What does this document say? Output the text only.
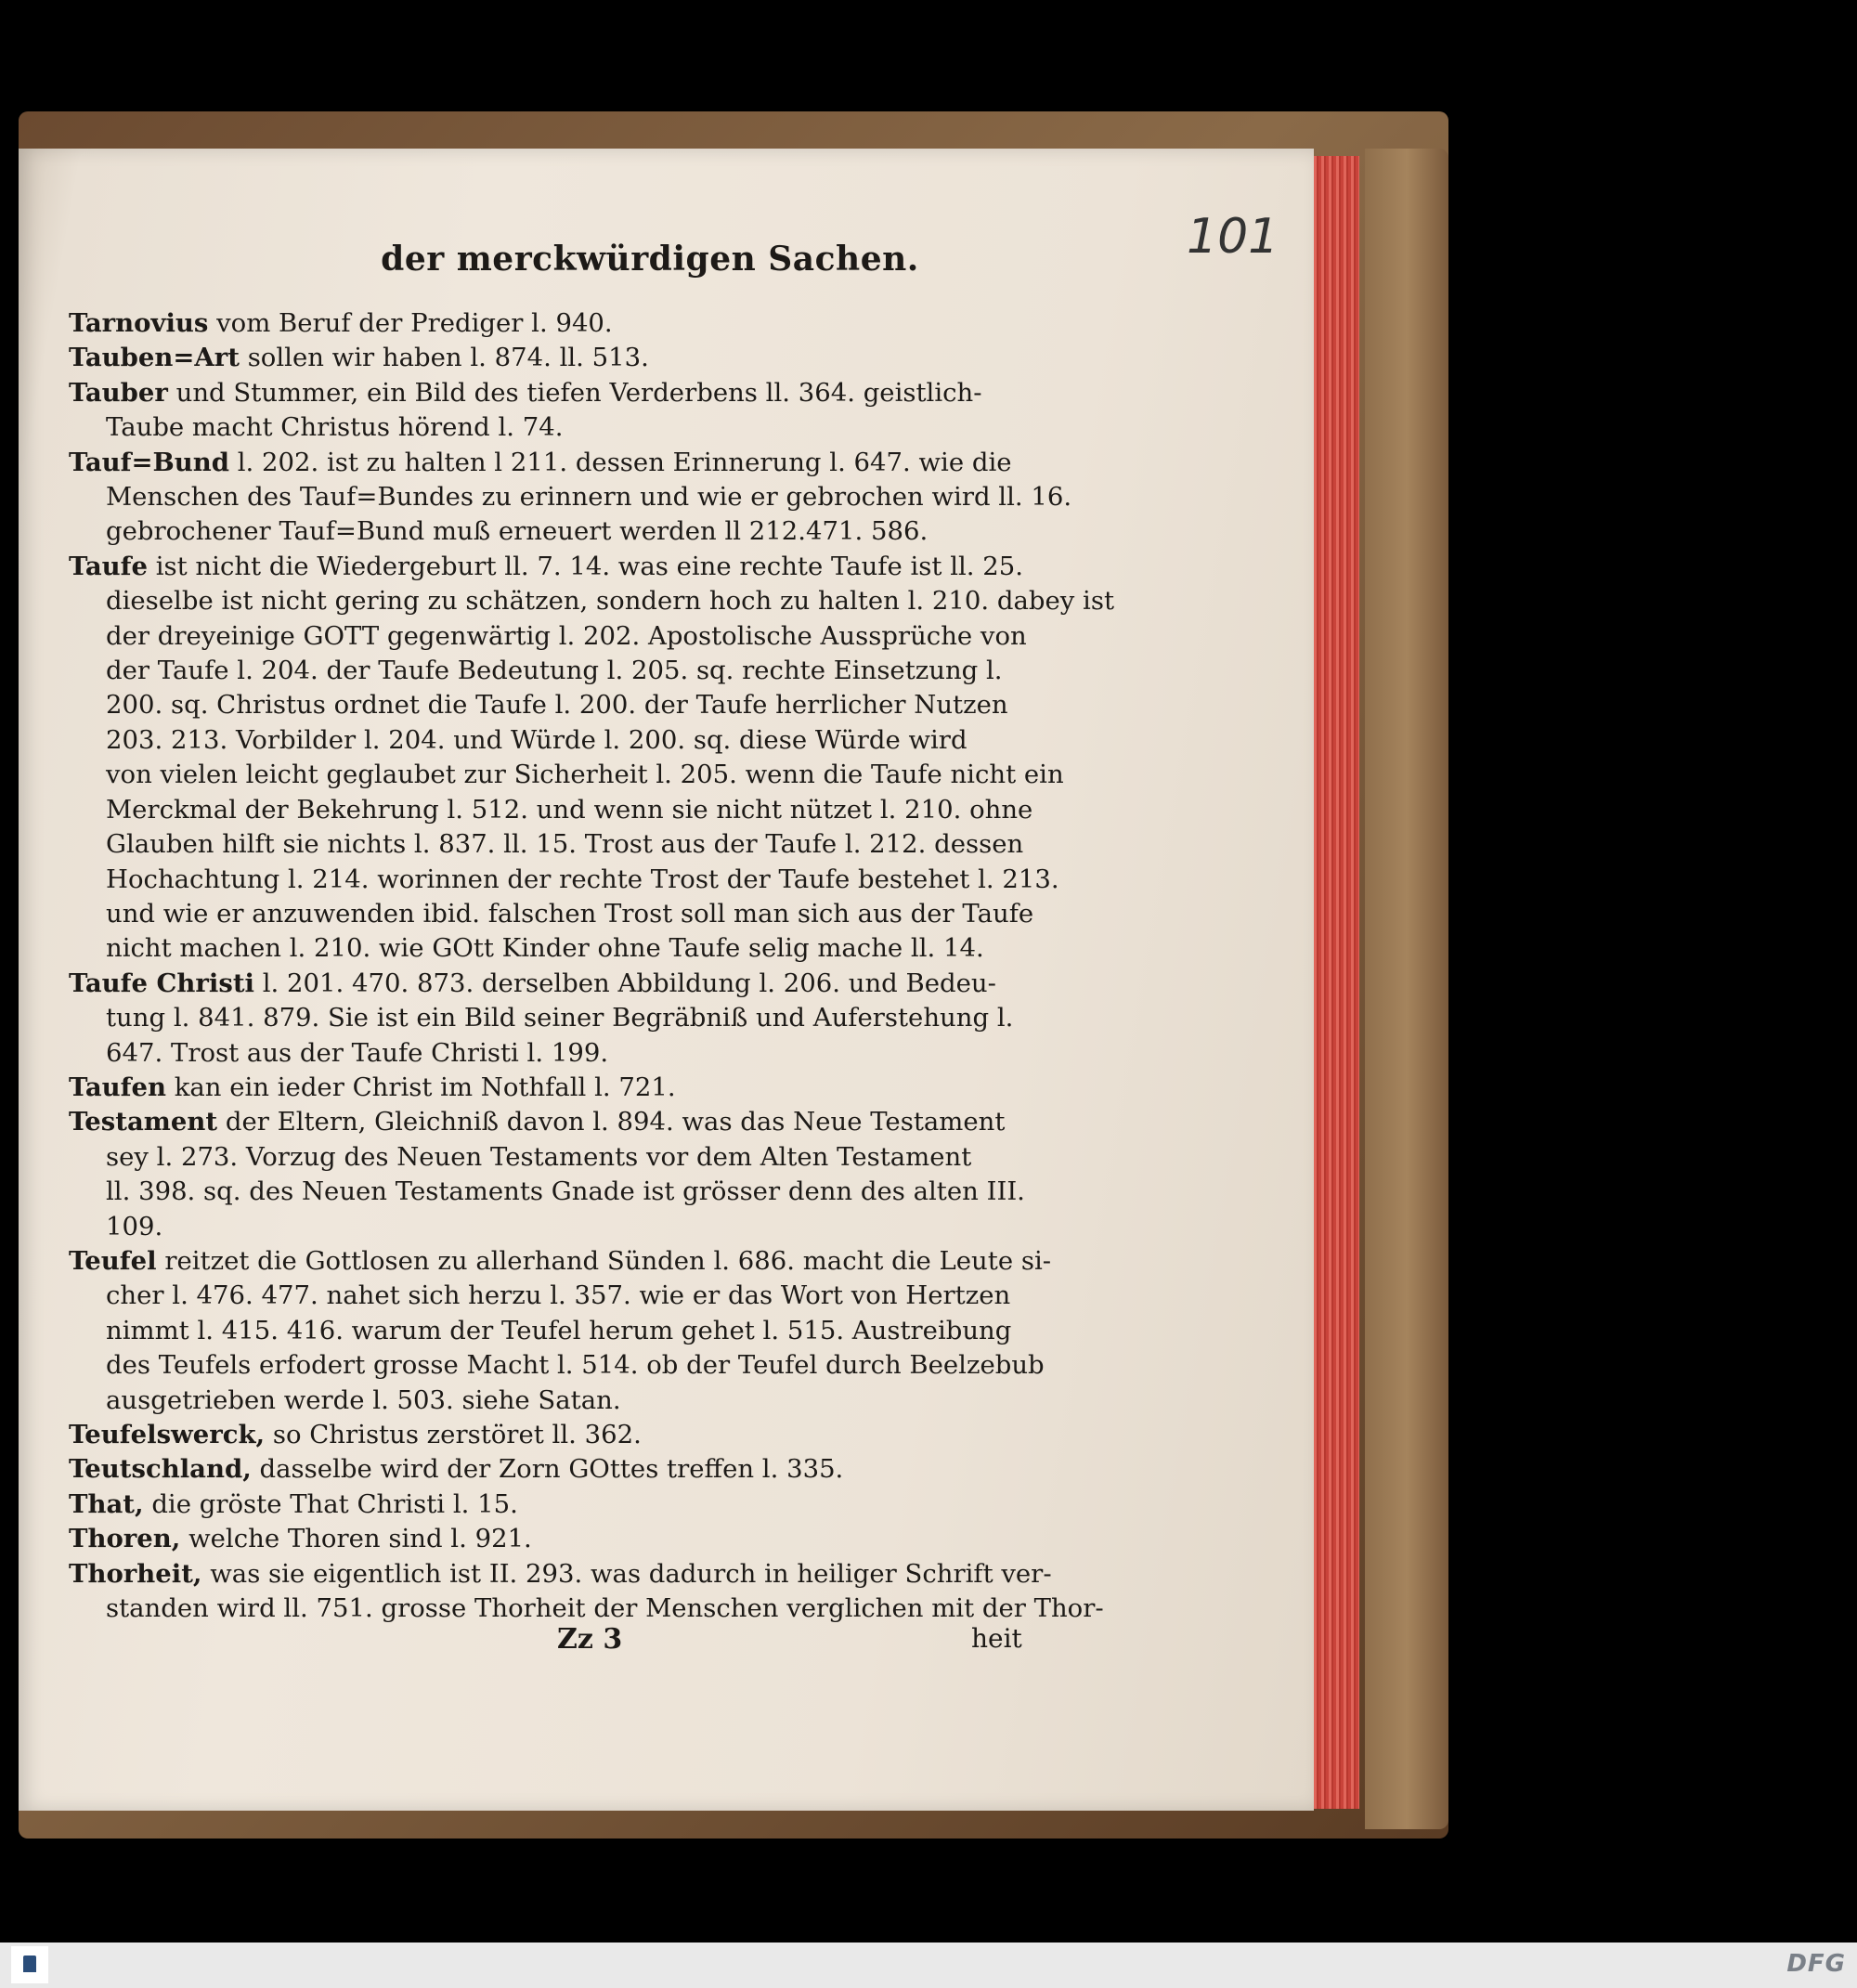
101
der merckwürdigen Sachen.

Tarnovius vom Beruf der Prediger l. 940.

Tauben=Art sollen wir haben l. 874. ll. 513.

Tauber und Stummer, ein Bild des tiefen Verderbens ll. 364. geistlich-
Taube macht Christus hörend l. 74.

Tauf=Bund l. 202. ist zu halten l 211. dessen Erinnerung l. 647. wie die
Menschen des Tauf=Bundes zu erinnern und wie er gebrochen wird ll. 16.
gebrochener Tauf=Bund muß erneuert werden ll 212.471. 586.

Taufe ist nicht die Wiedergeburt ll. 7. 14. was eine rechte Taufe ist ll. 25.
dieselbe ist nicht gering zu schätzen, sondern hoch zu halten l. 210. dabey ist
der dreyeinige GOTT gegenwärtig l. 202. Apostolische Aussprüche von
der Taufe l. 204. der Taufe Bedeutung l. 205. sq. rechte Einsetzung l.
200. sq. Christus ordnet die Taufe l. 200. der Taufe herrlicher Nutzen
203. 213. Vorbilder l. 204. und Würde l. 200. sq. diese Würde wird
von vielen leicht geglaubet zur Sicherheit l. 205. wenn die Taufe nicht ein
Merckmal der Bekehrung l. 512. und wenn sie nicht nützet l. 210. ohne
Glauben hilft sie nichts l. 837. ll. 15. Trost aus der Taufe l. 212. dessen
Hochachtung l. 214. worinnen der rechte Trost der Taufe bestehet l. 213.
und wie er anzuwenden ibid. falschen Trost soll man sich aus der Taufe
nicht machen l. 210. wie GOtt Kinder ohne Taufe selig mache ll. 14.

Taufe Christi l. 201. 470. 873. derselben Abbildung l. 206. und Bedeu-
tung l. 841. 879. Sie ist ein Bild seiner Begräbniß und Auferstehung l.
647. Trost aus der Taufe Christi l. 199.

Taufen kan ein ieder Christ im Nothfall l. 721.

Testament der Eltern, Gleichniß davon l. 894. was das Neue Testament
sey l. 273. Vorzug des Neuen Testaments vor dem Alten Testament
ll. 398. sq. des Neuen Testaments Gnade ist grösser denn des alten III.
109.

Teufel reitzet die Gottlosen zu allerhand Sünden l. 686. macht die Leute si-
cher l. 476. 477. nahet sich herzu l. 357. wie er das Wort von Hertzen
nimmt l. 415. 416. warum der Teufel herum gehet l. 515. Austreibung
des Teufels erfodert grosse Macht l. 514. ob der Teufel durch Beelzebub
ausgetrieben werde l. 503. siehe Satan.

Teufelswerck, so Christus zerstöret ll. 362.

Teutschland, dasselbe wird der Zorn GOttes treffen l. 335.

That, die gröste That Christi l. 15.

Thoren, welche Thoren sind l. 921.

Thorheit, was sie eigentlich ist II. 293. was dadurch in heiliger Schrift ver-
standen wird ll. 751. grosse Thorheit der Menschen verglichen mit der Thor-

Zz 3	heit
DFG
